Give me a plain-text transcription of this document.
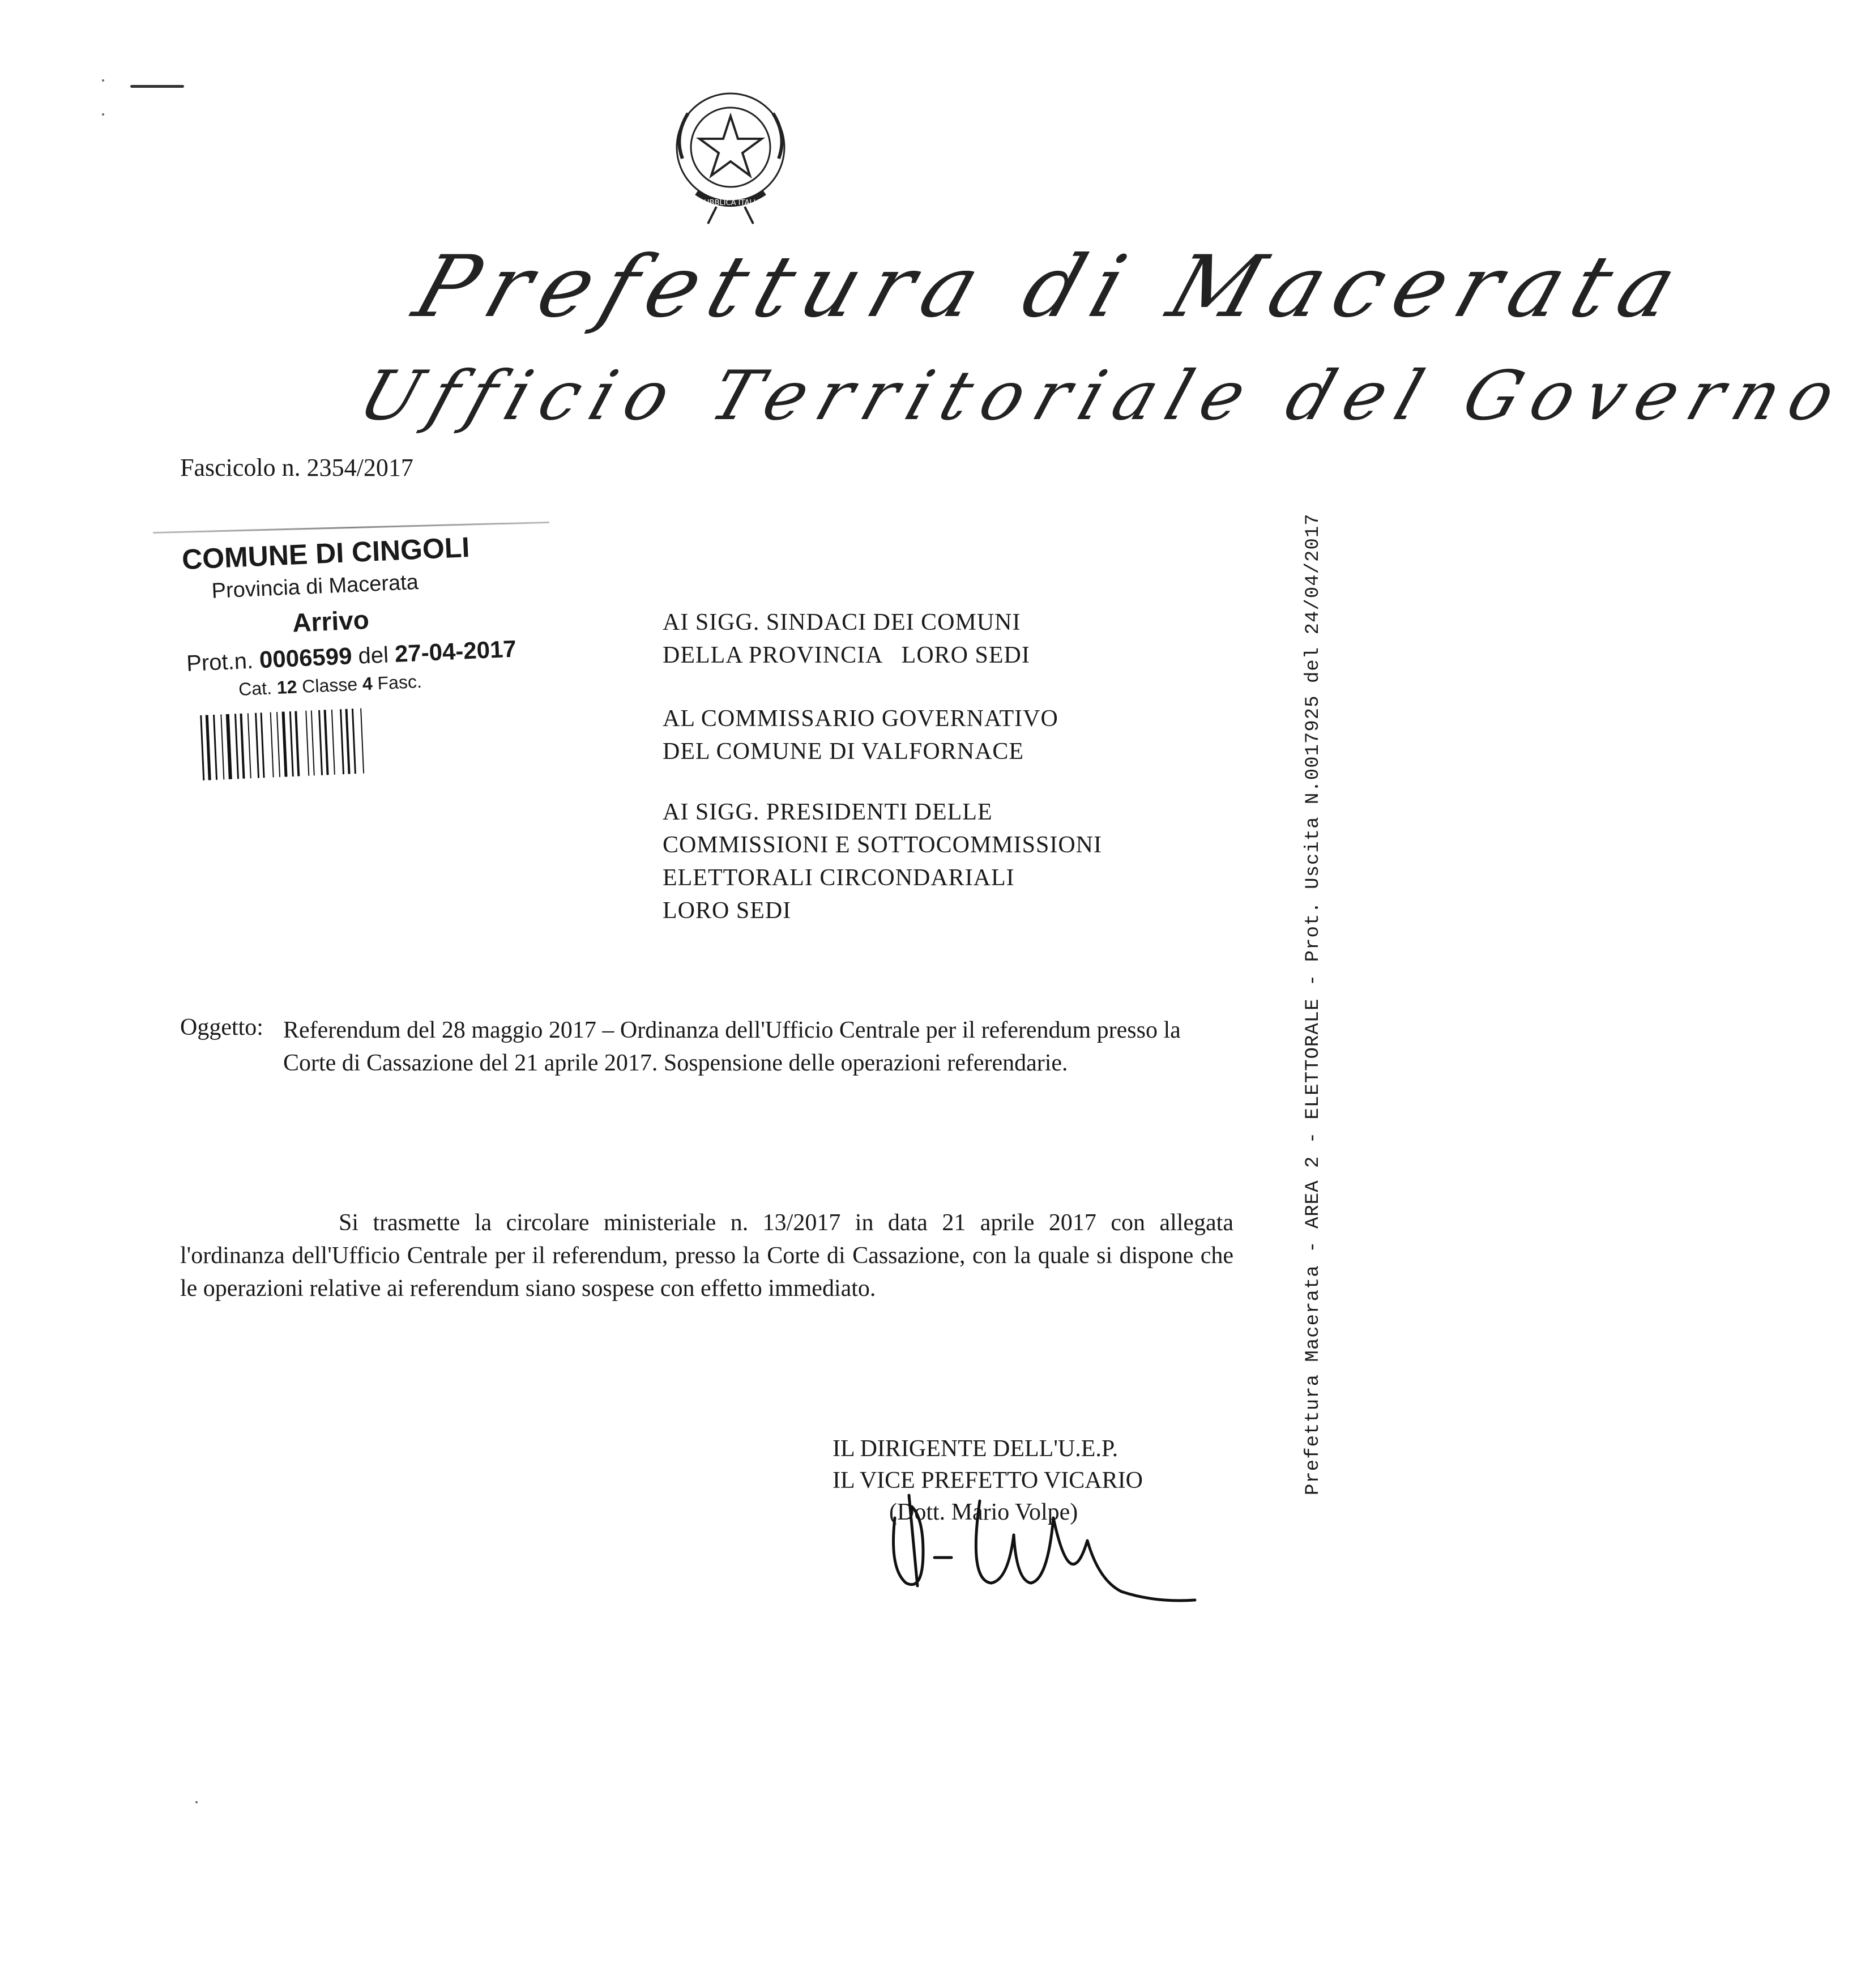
REPUBBLICA ITALIANA
Prefettura di Macerata
Ufficio Territoriale del Governo
Fascicolo n. 2354/2017
COMUNE DI CINGOLI
Provincia di Macerata
Arrivo
Prot.n. 0006599 del 27-04-2017
Cat. 12 Classe 4 Fasc.
AI SIGG. SINDACI DEI COMUNI
DELLA PROVINCIA   LORO SEDI
AL COMMISSARIO GOVERNATIVO
DEL COMUNE DI VALFORNACE
AI SIGG. PRESIDENTI DELLE
COMMISSIONI E SOTTOCOMMISSIONI
ELETTORALI CIRCONDARIALI
LORO SEDI
Oggetto: Referendum del 28 maggio 2017 – Ordinanza dell'Ufficio Centrale per il referendum presso la Corte di Cassazione del 21 aprile 2017. Sospensione delle operazioni referendarie.
Si trasmette la circolare ministeriale n. 13/2017 in data 21 aprile 2017 con allegata l'ordinanza dell'Ufficio Centrale per il referendum, presso la Corte di Cassazione, con la quale si dispone che le operazioni relative ai referendum siano sospese con effetto immediato.
IL DIRIGENTE DELL'U.E.P.
IL VICE PREFETTO VICARIO
(Dott. Mario Volpe)
Prefettura Macerata - AREA 2 - ELETTORALE - Prot. Uscita N.0017925 del 24/04/2017
